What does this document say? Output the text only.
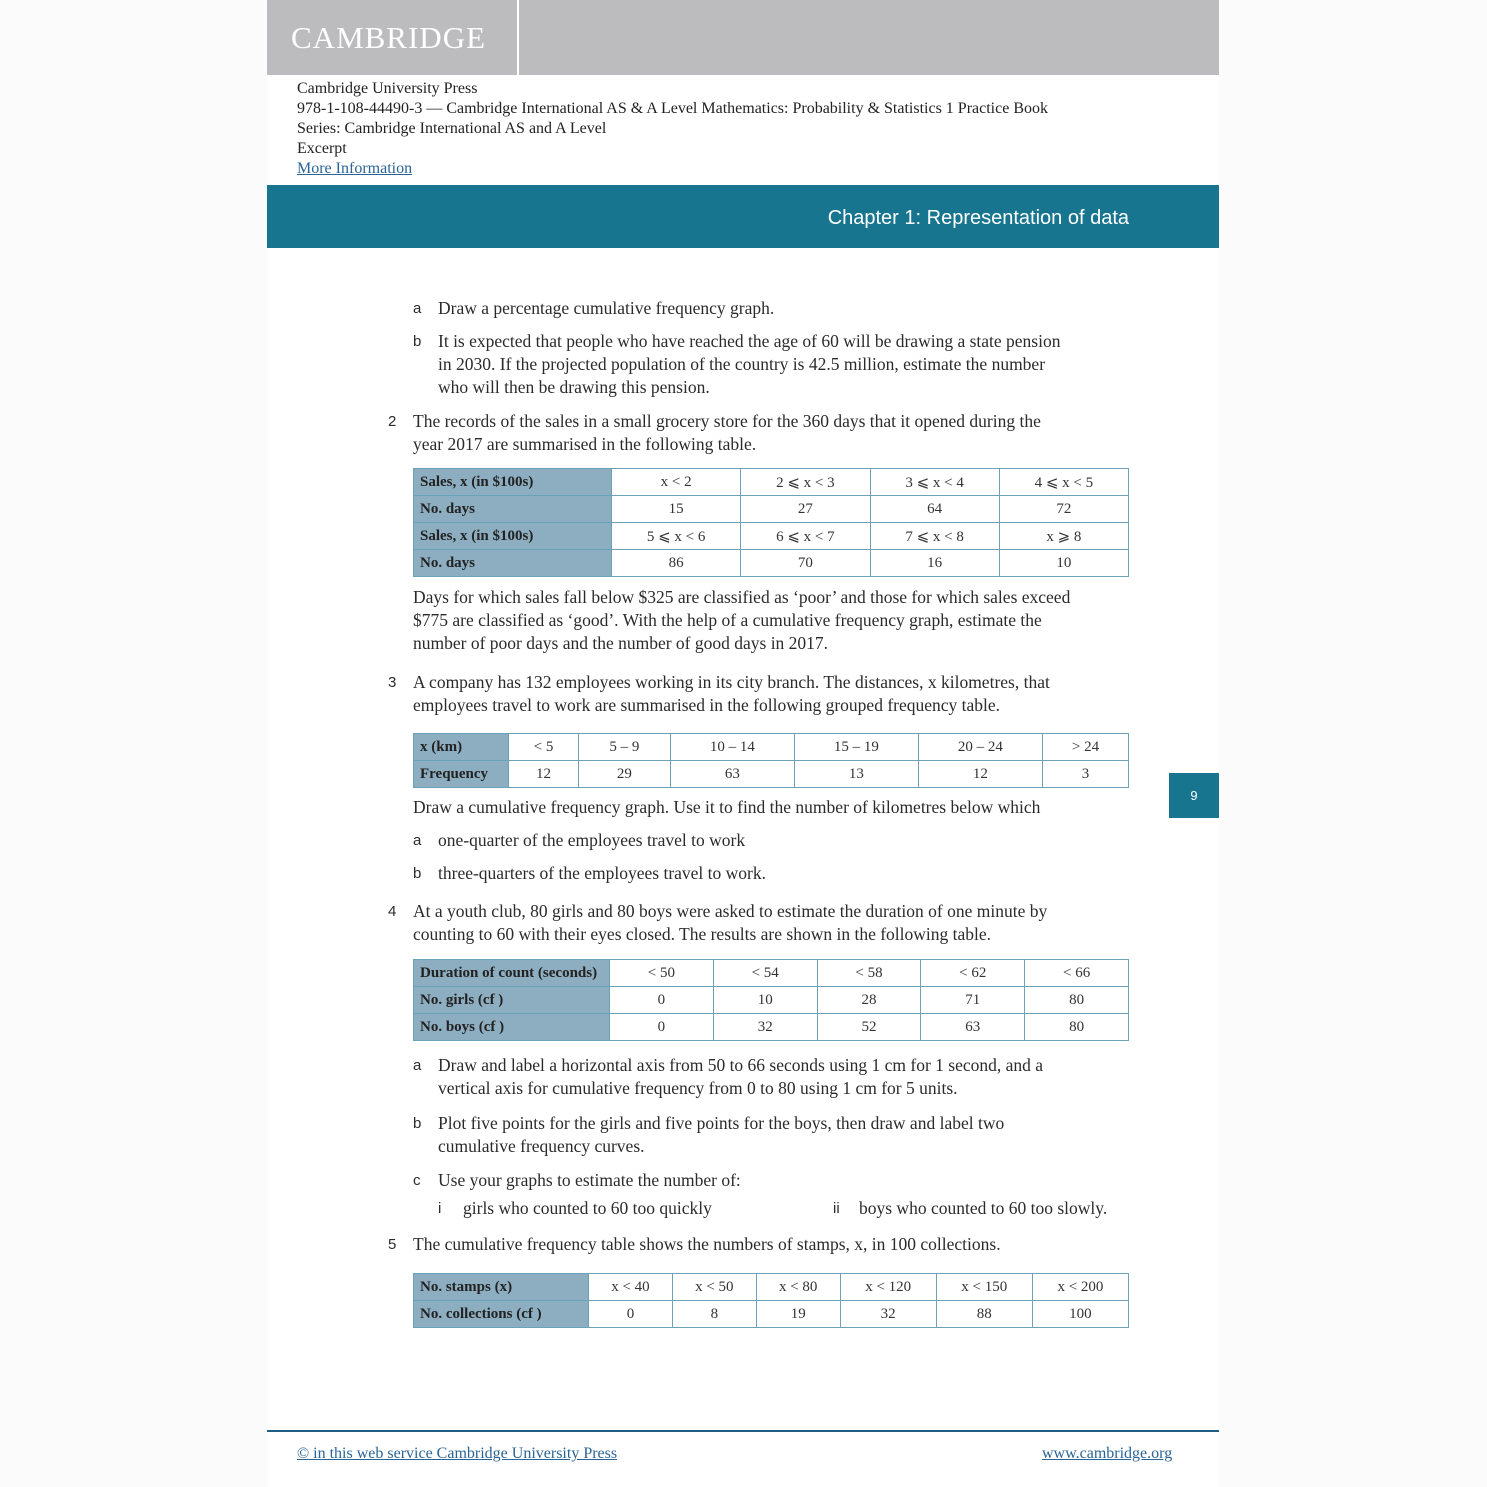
CAMBRIDGE
Cambridge University Press
978-1-108-44490-3 — Cambridge International AS & A Level Mathematics: Probability & Statistics 1 Practice Book
Series: Cambridge International AS and A Level
Excerpt
More Information
Chapter 1: Representation of data
9
a Draw a percentage cumulative frequency graph.
b It is expected that people who have reached the age of 60 will be drawing a state pension
in 2030. If the projected population of the country is 42.5 million, estimate the number
who will then be drawing this pension.
2 The records of the sales in a small grocery store for the 360 days that it opened during the
year 2017 are summarised in the following table.
Sales, x (in $100s)	x < 2	2 ⩽ x < 3	3 ⩽ x < 4	4 ⩽ x < 5
No. days	15	27	64	72
Sales, x (in $100s)	5 ⩽ x < 6	6 ⩽ x < 7	7 ⩽ x < 8	x ⩾ 8
No. days	86	70	16	10
Days for which sales fall below $325 are classified as ‘poor’ and those for which sales exceed
$775 are classified as ‘good’. With the help of a cumulative frequency graph, estimate the
number of poor days and the number of good days in 2017.
3 A company has 132 employees working in its city branch. The distances, x kilometres, that
employees travel to work are summarised in the following grouped frequency table.
x (km)	< 5	5 – 9	10 – 14	15 – 19	20 – 24	> 24
Frequency	12	29	63	13	12	3
Draw a cumulative frequency graph. Use it to find the number of kilometres below which
a one-quarter of the employees travel to work
b three-quarters of the employees travel to work.
4 At a youth club, 80 girls and 80 boys were asked to estimate the duration of one minute by
counting to 60 with their eyes closed. The results are shown in the following table.
Duration of count (seconds)	< 50	< 54	< 58	< 62	< 66
No. girls (cf )	0	10	28	71	80
No. boys (cf )	0	32	52	63	80
a Draw and label a horizontal axis from 50 to 66 seconds using 1 cm for 1 second, and a
vertical axis for cumulative frequency from 0 to 80 using 1 cm for 5 units.
b Plot five points for the girls and five points for the boys, then draw and label two
cumulative frequency curves.
c Use your graphs to estimate the number of:
i girls who counted to 60 too quickly	ii boys who counted to 60 too slowly.
5 The cumulative frequency table shows the numbers of stamps, x, in 100 collections.
No. stamps (x)	x < 40	x < 50	x < 80	x < 120	x < 150	x < 200
No. collections (cf )	0	8	19	32	88	100
© in this web service Cambridge University Press	www.cambridge.org
